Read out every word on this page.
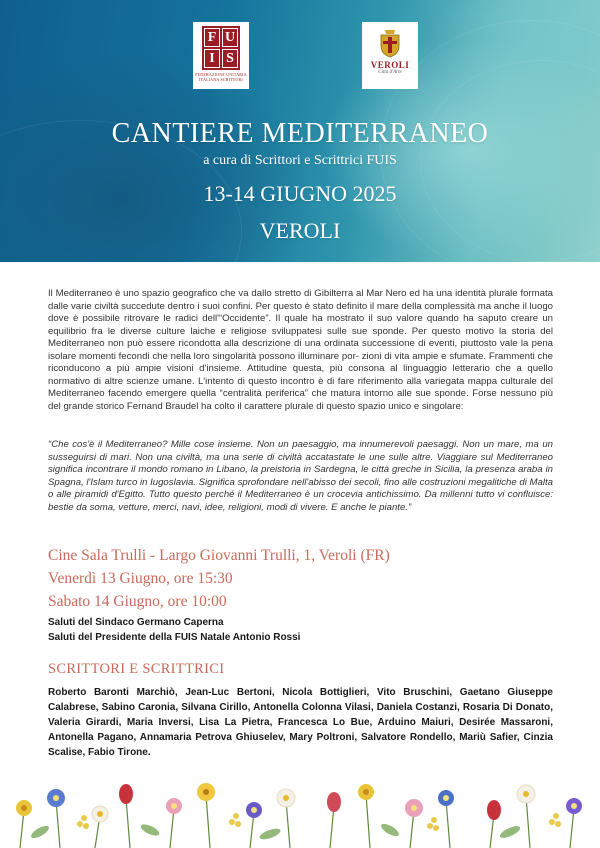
F U
I S
FEDERAZIONE UNITARIA ITALIANA SCRITTORI
VEROLI
Città d'Arte
CANTIERE MEDITERRANEO
a cura di Scrittori e Scrittrici FUIS
13-14 GIUGNO 2025
VEROLI

Il Mediterraneo è uno spazio geografico che va dallo stretto di Gibilterra al Mar Nero ed ha una identità plurale formata dalle varie civiltà succedute dentro i suoi confini. Per questo è stato definito il mare della complessità ma anche il luogo dove è possibile ritrovare le radici dell'“Occidente”. Il quale ha mostrato il suo valore quando ha saputo creare un equilibrio fra le diverse culture laiche e religiose sviluppatesi sulle sue sponde. Per questo motivo la storia del Mediterraneo non può essere ricondotta alla descrizione di una ordinata successione di eventi, piuttosto vale la pena isolare momenti fecondi che nella loro singolarità possono illuminare por- zioni di vita ampie e sfumate. Frammenti che riconducono a più ampie visioni d'insieme. Attitudine questa, più consona al linguaggio letterario che a quello normativo di altre scienze umane. L'intento di questo incontro è di fare riferimento alla variegata mappa culturale del Mediterraneo facendo emergere quella “centralità periferica” che matura intorno alle sue sponde. Forse nessuno più del grande storico Fernand Braudel ha colto il carattere plurale di questo spazio unico e singolare:

“Che cos'è il Mediterraneo? Mille cose insieme. Non un paesaggio, ma innumerevoli paesaggi. Non un mare, ma un susseguirsi di mari. Non una civiltà, ma una serie di civiltà accatastate le une sulle altre. Viaggiare sul Mediterraneo significa incontrare il mondo romano in Libano, la preistoria in Sardegna, le città greche in Sicilia, la presenza araba in Spagna, l'Islam turco in Iugoslavia. Significa sprofondare nell'abisso dei secoli, fino alle costruzioni megalitiche di Malta o alle piramidi d'Egitto. Tutto questo perché il Mediterraneo è un crocevia antichissimo. Da millenni tutto vi confluisce: bestie da soma, vetture, merci, navi, idee, religioni, modi di vivere. E anche le piante.”

Cine Sala Trulli - Largo Giovanni Trulli, 1, Veroli (FR)

Venerdì 13 Giugno, ore 15:30

Sabato 14 Giugno, ore 10:00

Saluti del Sindaco Germano Caperna

Saluti del Presidente della FUIS Natale Antonio Rossi

SCRITTORI E SCRITTRICI

Roberto Baronti Marchiò, Jean-Luc Bertoni, Nicola Bottiglieri, Vito Bruschini, Gaetano Giuseppe Calabrese, Sabino Caronia, Silvana Cirillo, Antonella Colonna Vilasi, Daniela Costanzi, Rosaria Di Donato, Valeria Girardi, Maria Inversi, Lisa La Pietra, Francesca Lo Bue, Arduino Maiuri, Desirée Massaroni, Antonella Pagano, Annamaria Petrova Ghiuselev, Mary Poltroni, Salvatore Rondello, Mariù Safier, Cinzia Scalise, Fabio Tirone.
